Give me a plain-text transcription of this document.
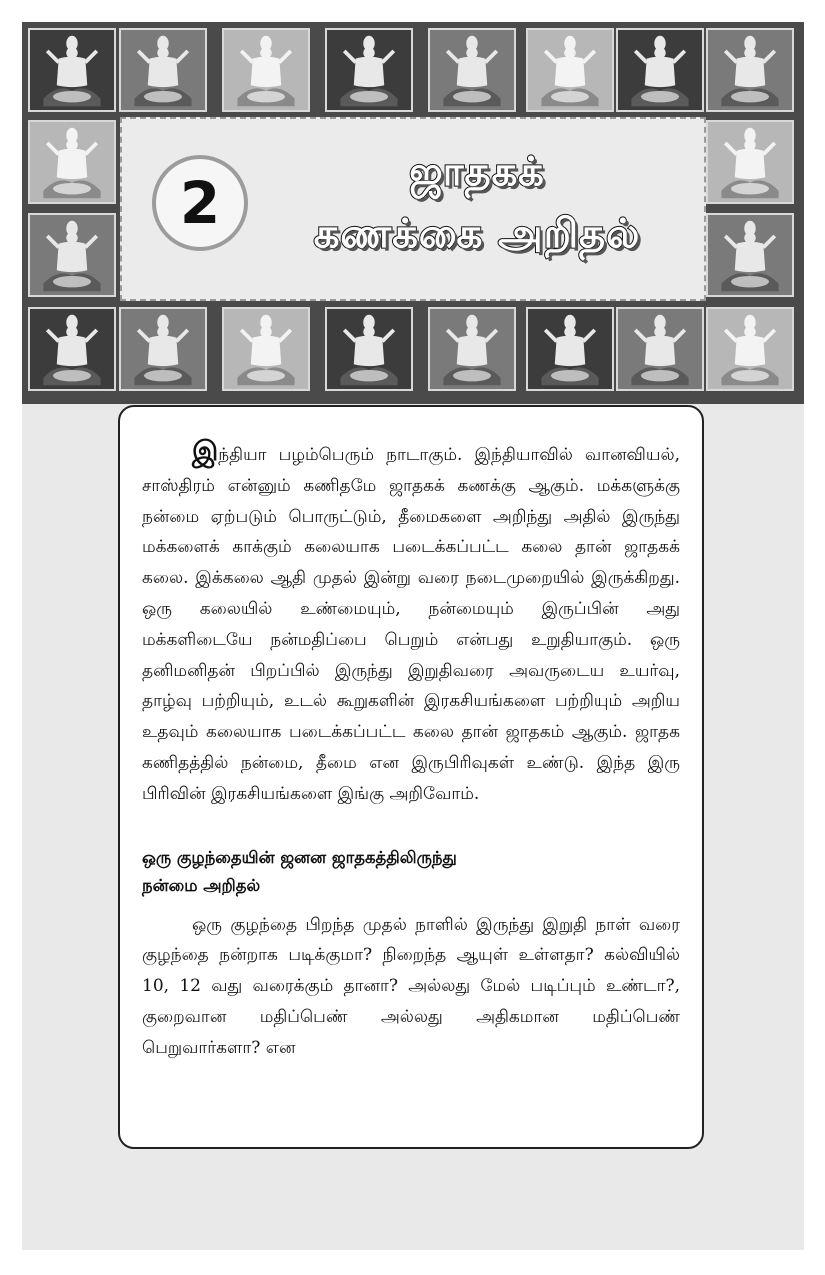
2	ஜாதகக்
கணக்கை அறிதல்

இந்தியா பழம்பெரும் நாடாகும். இந்தியாவில் வானவியல், சாஸ்திரம் என்னும் கணிதமே ஜாதகக் கணக்கு ஆகும். மக்களுக்கு நன்மை ஏற்படும் பொருட்டும், தீமைகளை அறிந்து அதில் இருந்து மக்களைக் காக்கும் கலையாக படைக்கப்பட்ட கலை தான் ஜாதகக் கலை. இக்கலை ஆதி முதல் இன்று வரை நடைமுறையில் இருக்கிறது. ஒரு கலையில் உண்மையும், நன்மையும் இருப்பின் அது மக்களிடையே நன்மதிப்பை பெறும் என்பது உறுதியாகும். ஒரு தனிமனிதன் பிறப்பில் இருந்து இறுதிவரை அவருடைய உயர்வு, தாழ்வு பற்றியும், உடல் கூறுகளின் இரகசியங்களை பற்றியும் அறிய உதவும் கலையாக படைக்கப்பட்ட கலை தான் ஜாதகம் ஆகும். ஜாதக கணிதத்தில் நன்மை, தீமை என இருபிரிவுகள் உண்டு. இந்த இரு பிரிவின் இரகசியங்களை இங்கு அறிவோம்.

ஒரு குழந்தையின் ஜனன ஜாதகத்திலிருந்து
நன்மை அறிதல்

ஒரு குழந்தை பிறந்த முதல் நாளில் இருந்து இறுதி நாள் வரை குழந்தை நன்றாக படிக்குமா? நிறைந்த ஆயுள் உள்ளதா? கல்வியில் 10, 12 வது வரைக்கும் தானா? அல்லது மேல் படிப்பும் உண்டா?, குறைவான மதிப்பெண் அல்லது அதிகமான மதிப்பெண் பெறுவார்களா? என
